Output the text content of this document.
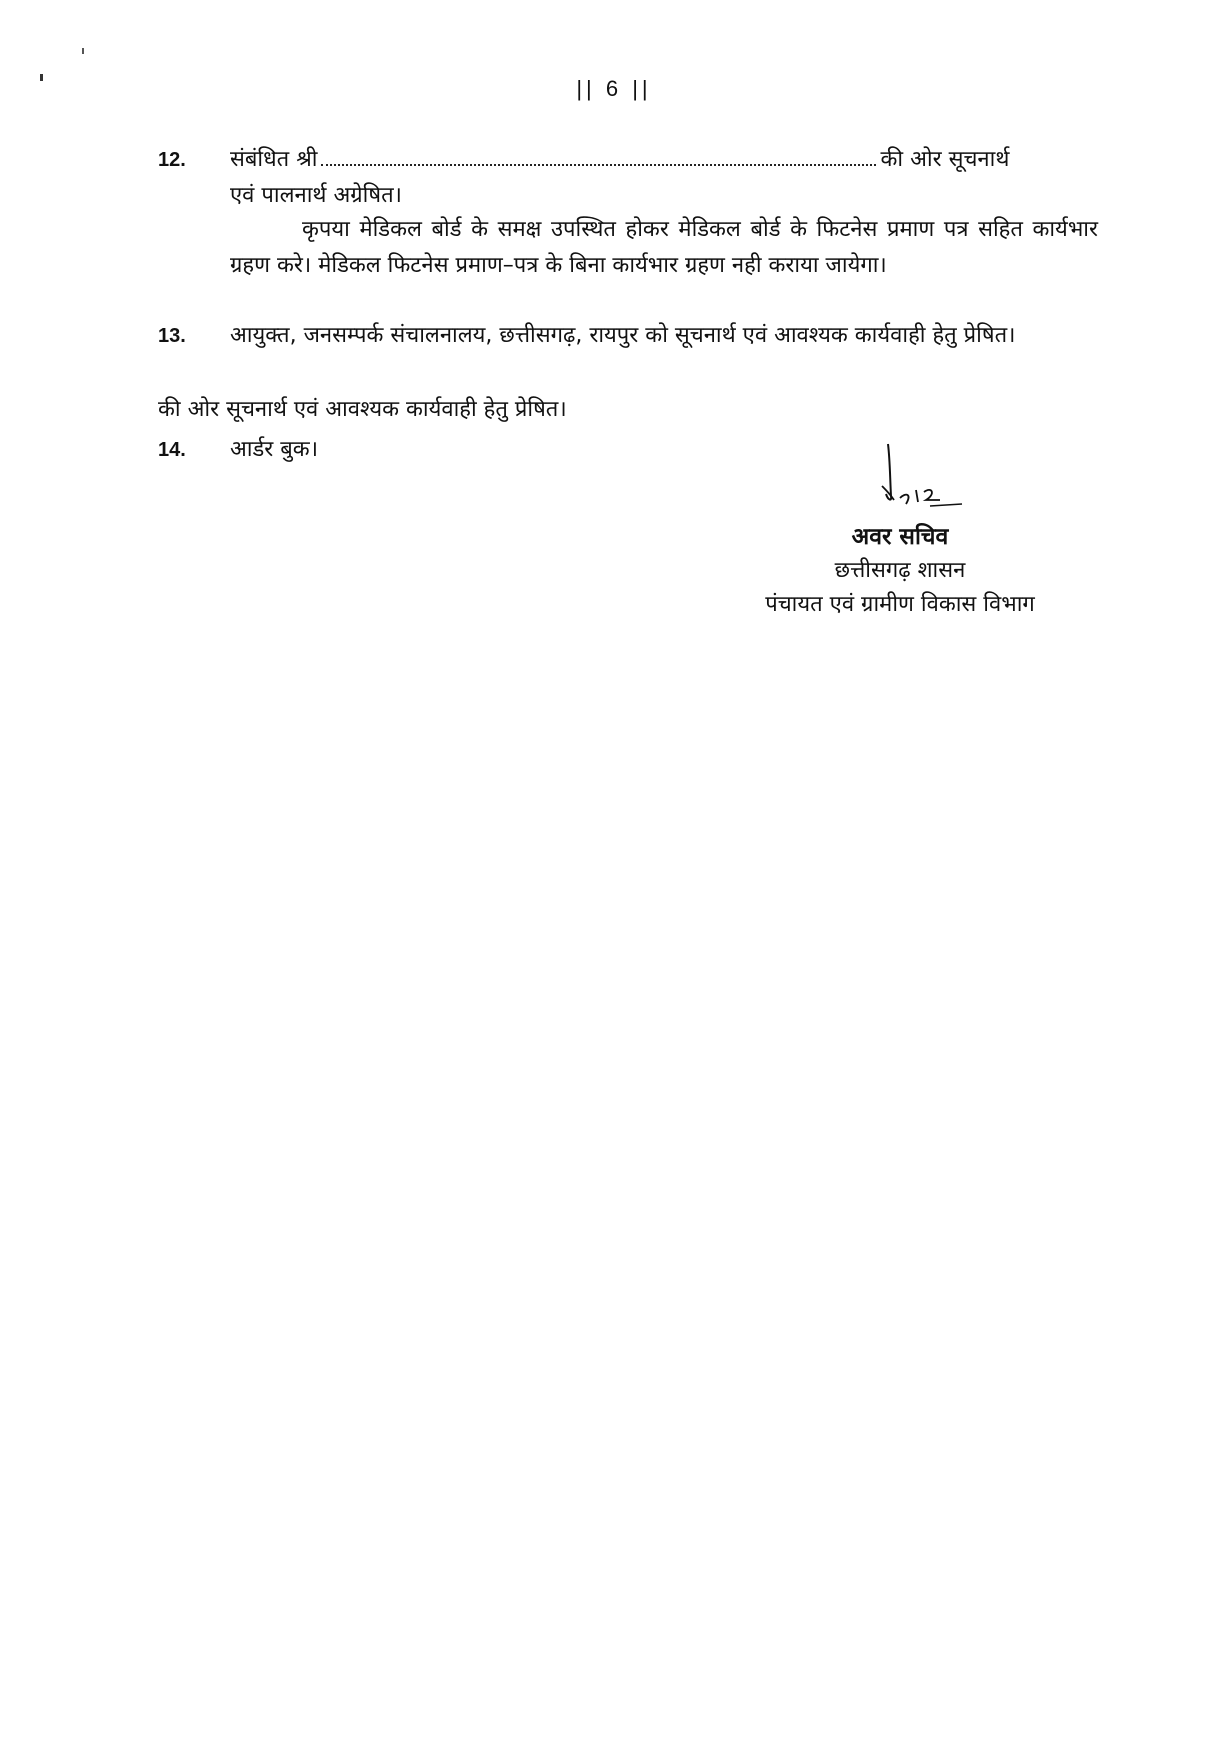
|| 6 ||
12. संबंधित श्री	की ओर सूचनार्थ
एवं पालनार्थ अग्रेषित।
कृपया मेडिकल बोर्ड के समक्ष उपस्थित होकर मेडिकल बोर्ड के फिटनेस प्रमाण पत्र सहित कार्यभार ग्रहण करे। मेडिकल फिटनेस प्रमाण–पत्र के बिना कार्यभार ग्रहण नही कराया जायेगा।
13. आयुक्त, जनसम्पर्क संचालनालय, छत्तीसगढ़, रायपुर को सूचनार्थ एवं आवश्यक कार्यवाही हेतु प्रेषित।
की ओर सूचनार्थ एवं आवश्यक कार्यवाही हेतु प्रेषित।
14. आर्डर बुक।
अवर सचिव
छत्तीसगढ़ शासन
पंचायत एवं ग्रामीण विकास विभाग
